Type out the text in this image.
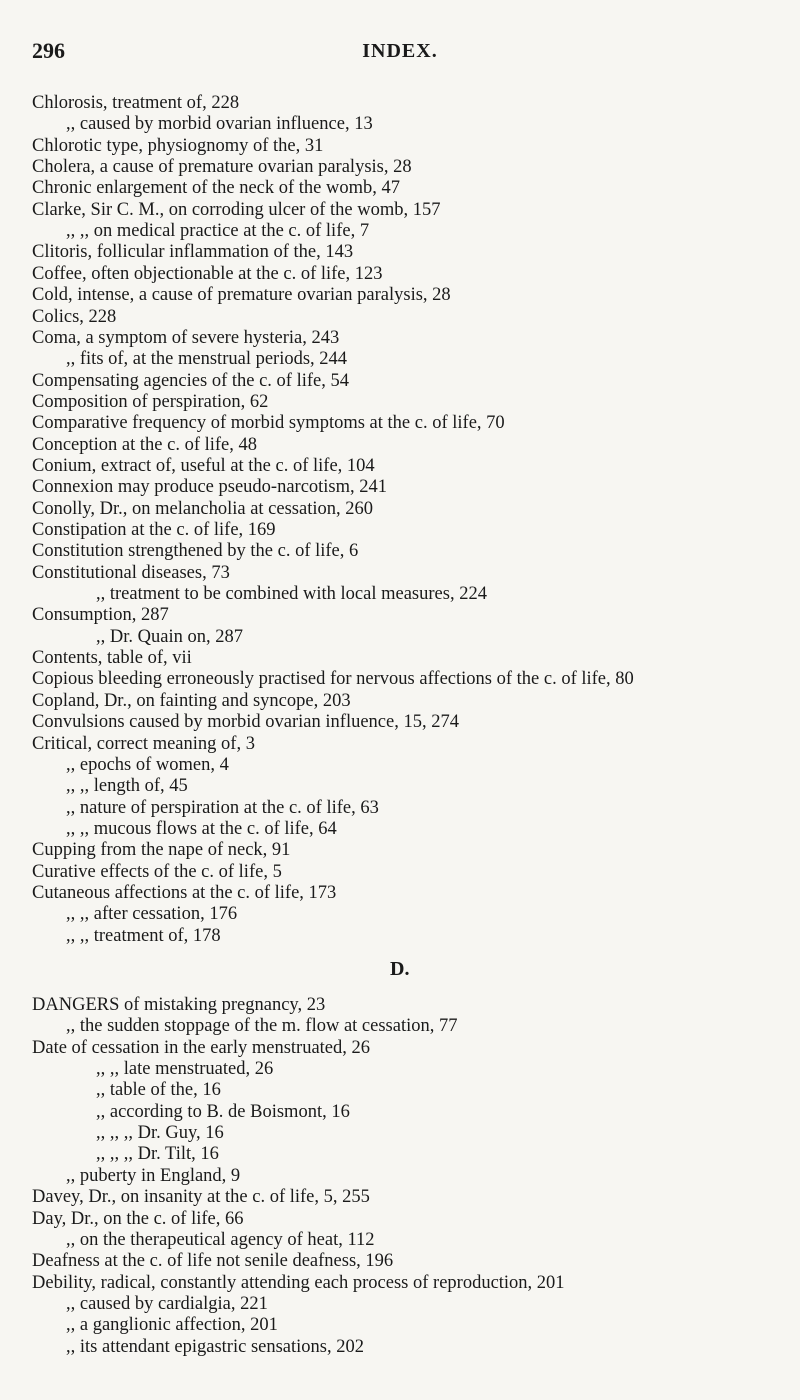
296	INDEX.
Chlorosis, treatment of, 228
,, caused by morbid ovarian influence, 13
Chlorotic type, physiognomy of the, 31
Cholera, a cause of premature ovarian paralysis, 28
Chronic enlargement of the neck of the womb, 47
Clarke, Sir C. M., on corroding ulcer of the womb, 157
,, ,, on medical practice at the c. of life, 7
Clitoris, follicular inflammation of the, 143
Coffee, often objectionable at the c. of life, 123
Cold, intense, a cause of premature ovarian paralysis, 28
Colics, 228
Coma, a symptom of severe hysteria, 243
,, fits of, at the menstrual periods, 244
Compensating agencies of the c. of life, 54
Composition of perspiration, 62
Comparative frequency of morbid symptoms at the c. of life, 70
Conception at the c. of life, 48
Conium, extract of, useful at the c. of life, 104
Connexion may produce pseudo-narcotism, 241
Conolly, Dr., on melancholia at cessation, 260
Constipation at the c. of life, 169
Constitution strengthened by the c. of life, 6
Constitutional diseases, 73
,, treatment to be combined with local measures, 224
Consumption, 287
,, Dr. Quain on, 287
Contents, table of, vii
Copious bleeding erroneously practised for nervous affections of the c. of life, 80
Copland, Dr., on fainting and syncope, 203
Convulsions caused by morbid ovarian influence, 15, 274
Critical, correct meaning of, 3
,, epochs of women, 4
,, ,, length of, 45
,, nature of perspiration at the c. of life, 63
,, ,, mucous flows at the c. of life, 64
Cupping from the nape of neck, 91
Curative effects of the c. of life, 5
Cutaneous affections at the c. of life, 173
,, ,, after cessation, 176
,, ,, treatment of, 178
DANGERS of mistaking pregnancy, 23
,, the sudden stoppage of the m. flow at cessation, 77
Date of cessation in the early menstruated, 26
,, ,, late menstruated, 26
,, table of the, 16
,, according to B. de Boismont, 16
,, ,, ,, Dr. Guy, 16
,, ,, ,, Dr. Tilt, 16
,, puberty in England, 9
Davey, Dr., on insanity at the c. of life, 5, 255
Day, Dr., on the c. of life, 66
,, on the therapeutical agency of heat, 112
Deafness at the c. of life not senile deafness, 196
Debility, radical, constantly attending each process of reproduction, 201
,, caused by cardialgia, 221
,, a ganglionic affection, 201
,, its attendant epigastric sensations, 202
D.
